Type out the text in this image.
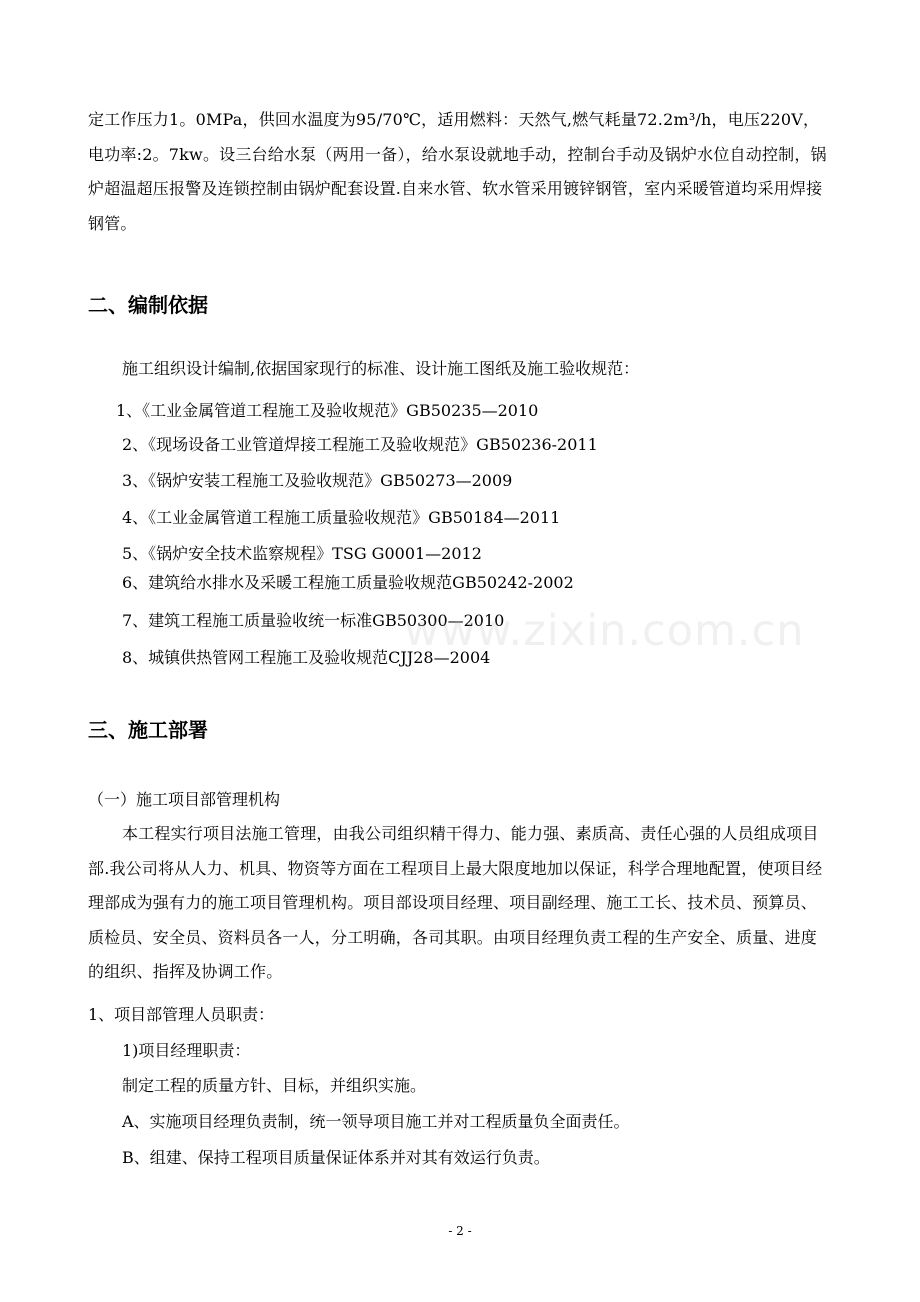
定工作压力1。0MPa，供回水温度为95/70℃，适用燃料：天然气,燃气耗量72.2m³/h，电压220V，电功率:2。7kw。设三台给水泵（两用一备），给水泵设就地手动，控制台手动及锅炉水位自动控制，锅炉超温超压报警及连锁控制由锅炉配套设置.自来水管、软水管采用镀锌钢管，室内采暖管道均采用焊接钢管。

二、编制依据

施工组织设计编制,依据国家现行的标准、设计施工图纸及施工验收规范：

1、《工业金属管道工程施工及验收规范》GB50235—2010

2、《现场设备工业管道焊接工程施工及验收规范》GB50236-2011

3、《锅炉安装工程施工及验收规范》GB50273—2009

4、《工业金属管道工程施工质量验收规范》GB50184—2011

5、《锅炉安全技术监察规程》TSG G0001—2012

6、建筑给水排水及采暖工程施工质量验收规范GB50242-2002

7、建筑工程施工质量验收统一标准GB50300—2010

8、城镇供热管网工程施工及验收规范CJJ28—2004

www.zixin.com.cn
三、施工部署

（一）施工项目部管理机构

本工程实行项目法施工管理，由我公司组织精干得力、能力强、素质高、责任心强的人员组成项目部.我公司将从人力、机具、物资等方面在工程项目上最大限度地加以保证，科学合理地配置，使项目经理部成为强有力的施工项目管理机构。项目部设项目经理、项目副经理、施工工长、技术员、预算员、质检员、安全员、资料员各一人，分工明确，各司其职。由项目经理负责工程的生产安全、质量、进度的组织、指挥及协调工作。

1、项目部管理人员职责：

1)项目经理职责：

制定工程的质量方针、目标，并组织实施。

A、实施项目经理负责制，统一领导项目施工并对工程质量负全面责任。

B、组建、保持工程项目质量保证体系并对其有效运行负责。

- 2 -
